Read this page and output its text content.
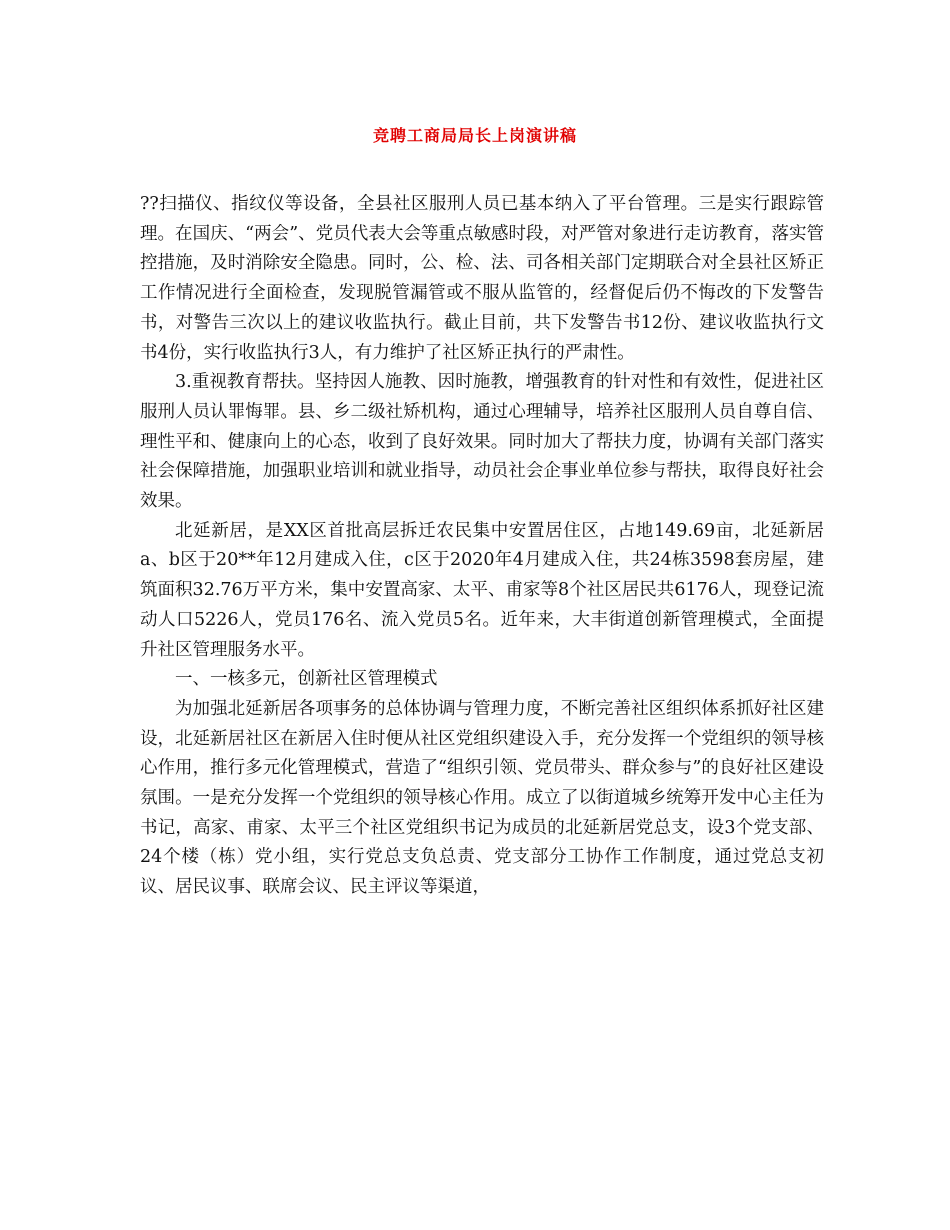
竞聘工商局局长上岗演讲稿

??扫描仪、指纹仪等设备，全县社区服刑人员已基本纳入了平台管理。三是实行跟踪管理。在国庆、“两会”、党员代表大会等重点敏感时段，对严管对象进行走访教育，落实管控措施，及时消除安全隐患。同时，公、检、法、司各相关部门定期联合对全县社区矫正工作情况进行全面检查，发现脱管漏管或不服从监管的，经督促后仍不悔改的下发警告书，对警告三次以上的建议收监执行。截止目前，共下发警告书12份、建议收监执行文书4份，实行收监执行3人，有力维护了社区矫正执行的严肃性。

3.重视教育帮扶。坚持因人施教、因时施教，增强教育的针对性和有效性，促进社区服刑人员认罪悔罪。县、乡二级社矫机构，通过心理辅导，培养社区服刑人员自尊自信、理性平和、健康向上的心态，收到了良好效果。同时加大了帮扶力度，协调有关部门落实社会保障措施，加强职业培训和就业指导，动员社会企事业单位参与帮扶，取得良好社会效果。

北延新居，是XX区首批高层拆迁农民集中安置居住区，占地149.69亩，北延新居a、b区于20**年12月建成入住，c区于2020年4月建成入住，共24栋3598套房屋，建筑面积32.76万平方米，集中安置高家、太平、甫家等8个社区居民共6176人，现登记流动人口5226人，党员176名、流入党员5名。近年来，大丰街道创新管理模式，全面提升社区管理服务水平。

一、一核多元，创新社区管理模式

为加强北延新居各项事务的总体协调与管理力度，不断完善社区组织体系抓好社区建设，北延新居社区在新居入住时便从社区党组织建设入手，充分发挥一个党组织的领导核心作用，推行多元化管理模式，营造了“组织引领、党员带头、群众参与”的良好社区建设氛围。一是充分发挥一个党组织的领导核心作用。成立了以街道城乡统筹开发中心主任为书记，高家、甫家、太平三个社区党组织书记为成员的北延新居党总支，设3个党支部、24个楼（栋）党小组，实行党总支负总责、党支部分工协作工作制度，通过党总支初议、居民议事、联席会议、民主评议等渠道，
